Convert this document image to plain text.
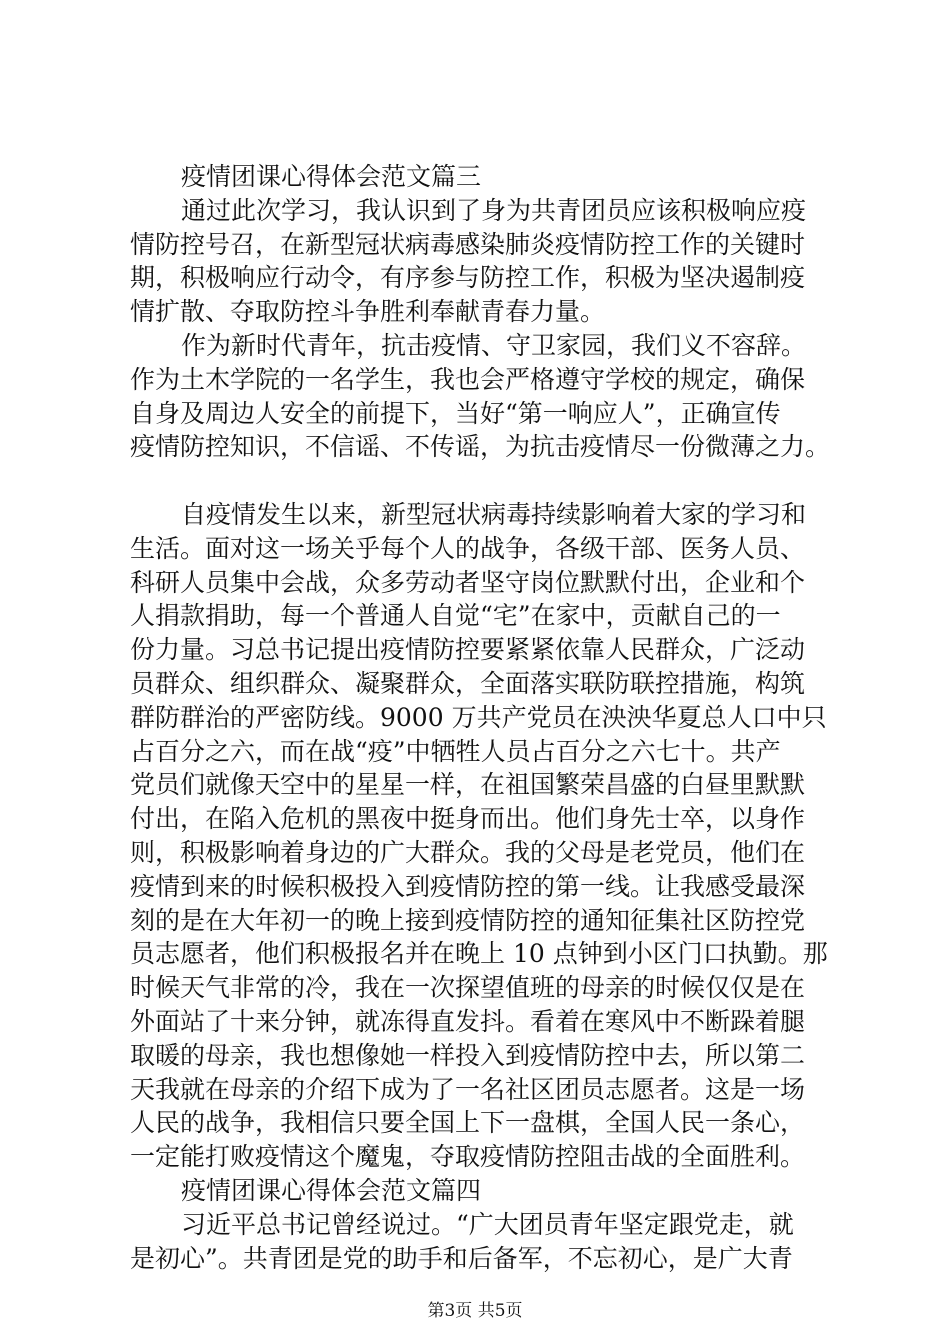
疫情团课心得体会范文篇三
通过此次学习，我认识到了身为共青团员应该积极响应疫
情防控号召，在新型冠状病毒感染肺炎疫情防控工作的关键时
期，积极响应行动令，有序参与防控工作，积极为坚决遏制疫
情扩散、夺取防控斗争胜利奉献青春力量。
作为新时代青年，抗击疫情、守卫家园，我们义不容辞。
作为土木学院的一名学生，我也会严格遵守学校的规定，确保
自身及周边人安全的前提下，当好“第一响应人”，正确宣传
疫情防控知识，不信谣、不传谣，为抗击疫情尽一份微薄之力。
自疫情发生以来，新型冠状病毒持续影响着大家的学习和
生活。面对这一场关乎每个人的战争，各级干部、医务人员、
科研人员集中会战，众多劳动者坚守岗位默默付出，企业和个
人捐款捐助，每一个普通人自觉“宅”在家中，贡献自己的一
份力量。习总书记提出疫情防控要紧紧依靠人民群众，广泛动
员群众、组织群众、凝聚群众，全面落实联防联控措施，构筑
群防群治的严密防线。9000 万共产党员在泱泱华夏总人口中只
占百分之六，而在战“疫”中牺牲人员占百分之六七十。共产
党员们就像天空中的星星一样，在祖国繁荣昌盛的白昼里默默
付出，在陷入危机的黑夜中挺身而出。他们身先士卒，以身作
则，积极影响着身边的广大群众。我的父母是老党员，他们在
疫情到来的时候积极投入到疫情防控的第一线。让我感受最深
刻的是在大年初一的晚上接到疫情防控的通知征集社区防控党
员志愿者，他们积极报名并在晚上 10 点钟到小区门口执勤。那
时候天气非常的冷，我在一次探望值班的母亲的时候仅仅是在
外面站了十来分钟，就冻得直发抖。看着在寒风中不断跺着腿
取暖的母亲，我也想像她一样投入到疫情防控中去，所以第二
天我就在母亲的介绍下成为了一名社区团员志愿者。这是一场
人民的战争，我相信只要全国上下一盘棋，全国人民一条心，
一定能打败疫情这个魔鬼，夺取疫情防控阻击战的全面胜利。
疫情团课心得体会范文篇四
习近平总书记曾经说过。“广大团员青年坚定跟党走，就
是初心”。共青团是党的助手和后备军，不忘初心，是广大青
第3页 共5页
